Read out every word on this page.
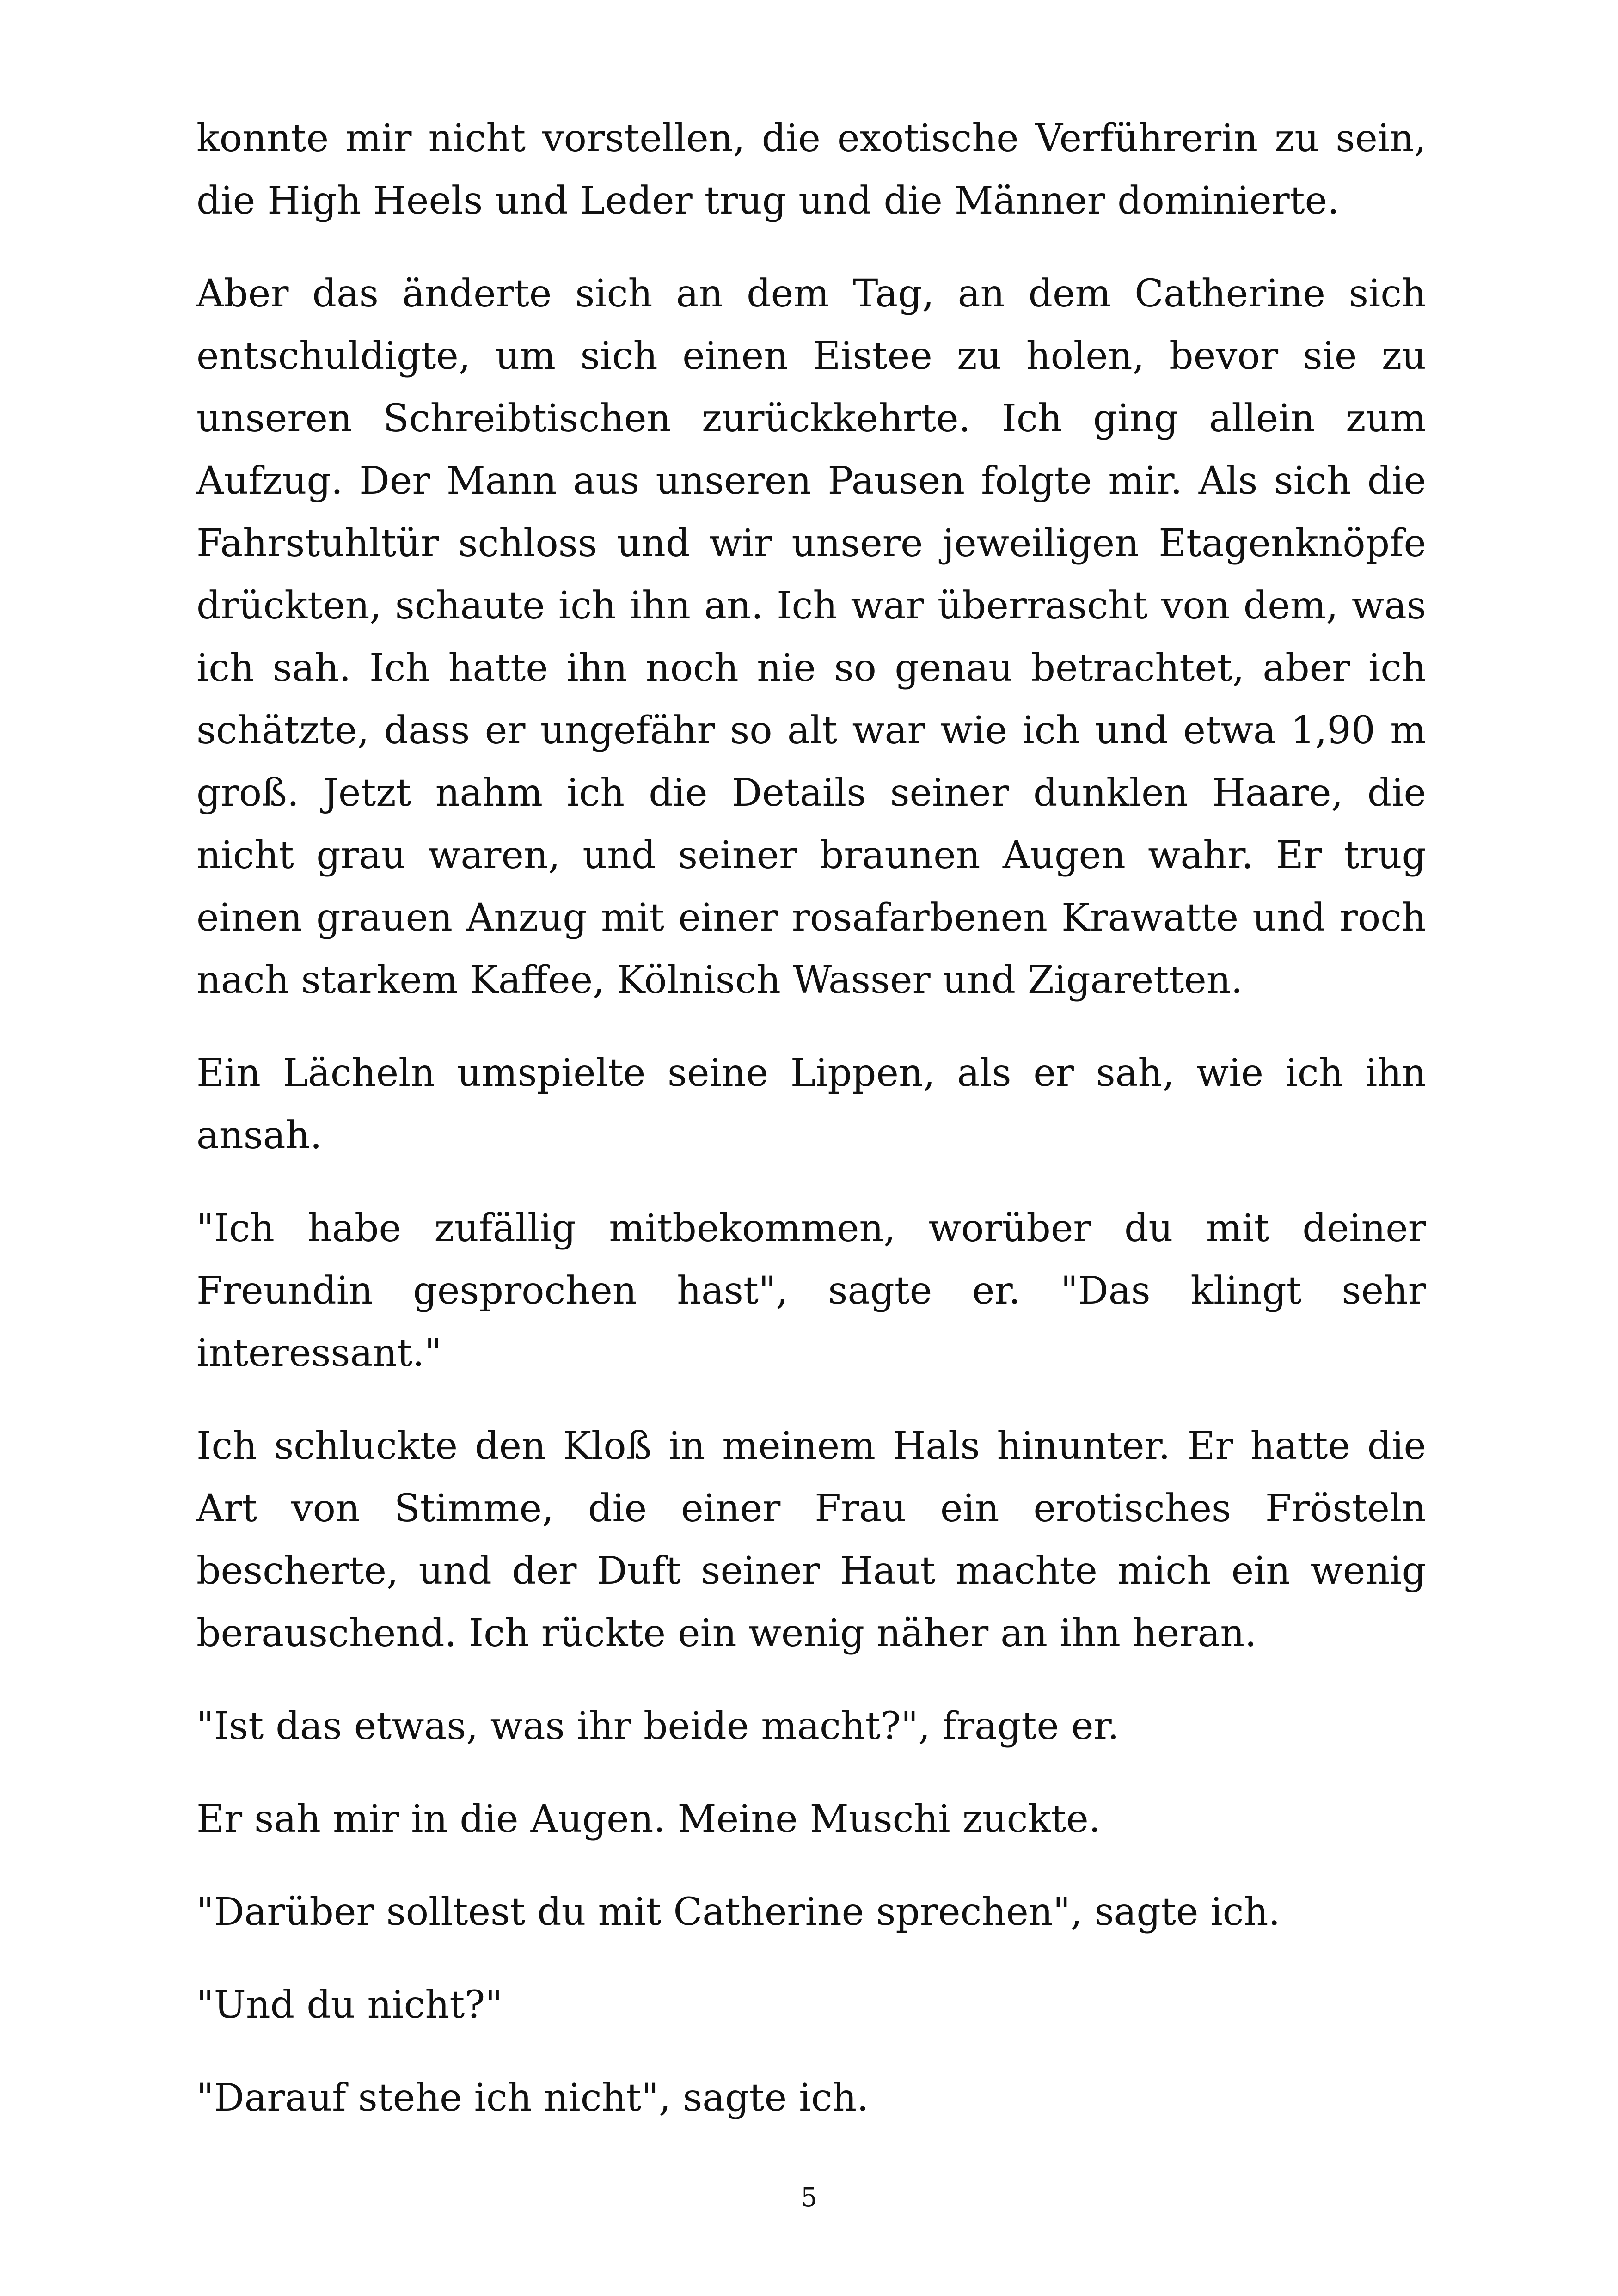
konnte mir nicht vorstellen, die exotische Verführerin zu sein, die High Heels und Leder trug und die Männer dominierte.

Aber das änderte sich an dem Tag, an dem Catherine sich entschuldigte, um sich einen Eistee zu holen, bevor sie zu unseren Schreibtischen zurückkehrte. Ich ging allein zum Aufzug. Der Mann aus unseren Pausen folgte mir. Als sich die Fahrstuhltür schloss und wir unsere jeweiligen Etagenknöpfe drückten, schaute ich ihn an. Ich war überrascht von dem, was ich sah. Ich hatte ihn noch nie so genau betrachtet, aber ich schätzte, dass er ungefähr so alt war wie ich und etwa 1,90 m groß. Jetzt nahm ich die Details seiner dunklen Haare, die nicht grau waren, und seiner braunen Augen wahr. Er trug einen grauen Anzug mit einer rosafarbenen Krawatte und roch nach starkem Kaffee, Kölnisch Wasser und Zigaretten.

Ein Lächeln umspielte seine Lippen, als er sah, wie ich ihn ansah.

"Ich habe zufällig mitbekommen, worüber du mit deiner Freundin gesprochen hast", sagte er. "Das klingt sehr interessant."

Ich schluckte den Kloß in meinem Hals hinunter. Er hatte die Art von Stimme, die einer Frau ein erotisches Frösteln bescherte, und der Duft seiner Haut machte mich ein wenig berauschend. Ich rückte ein wenig näher an ihn heran.

"Ist das etwas, was ihr beide macht?", fragte er.

Er sah mir in die Augen. Meine Muschi zuckte.

"Darüber solltest du mit Catherine sprechen", sagte ich.

"Und du nicht?"

"Darauf stehe ich nicht", sagte ich.

5
